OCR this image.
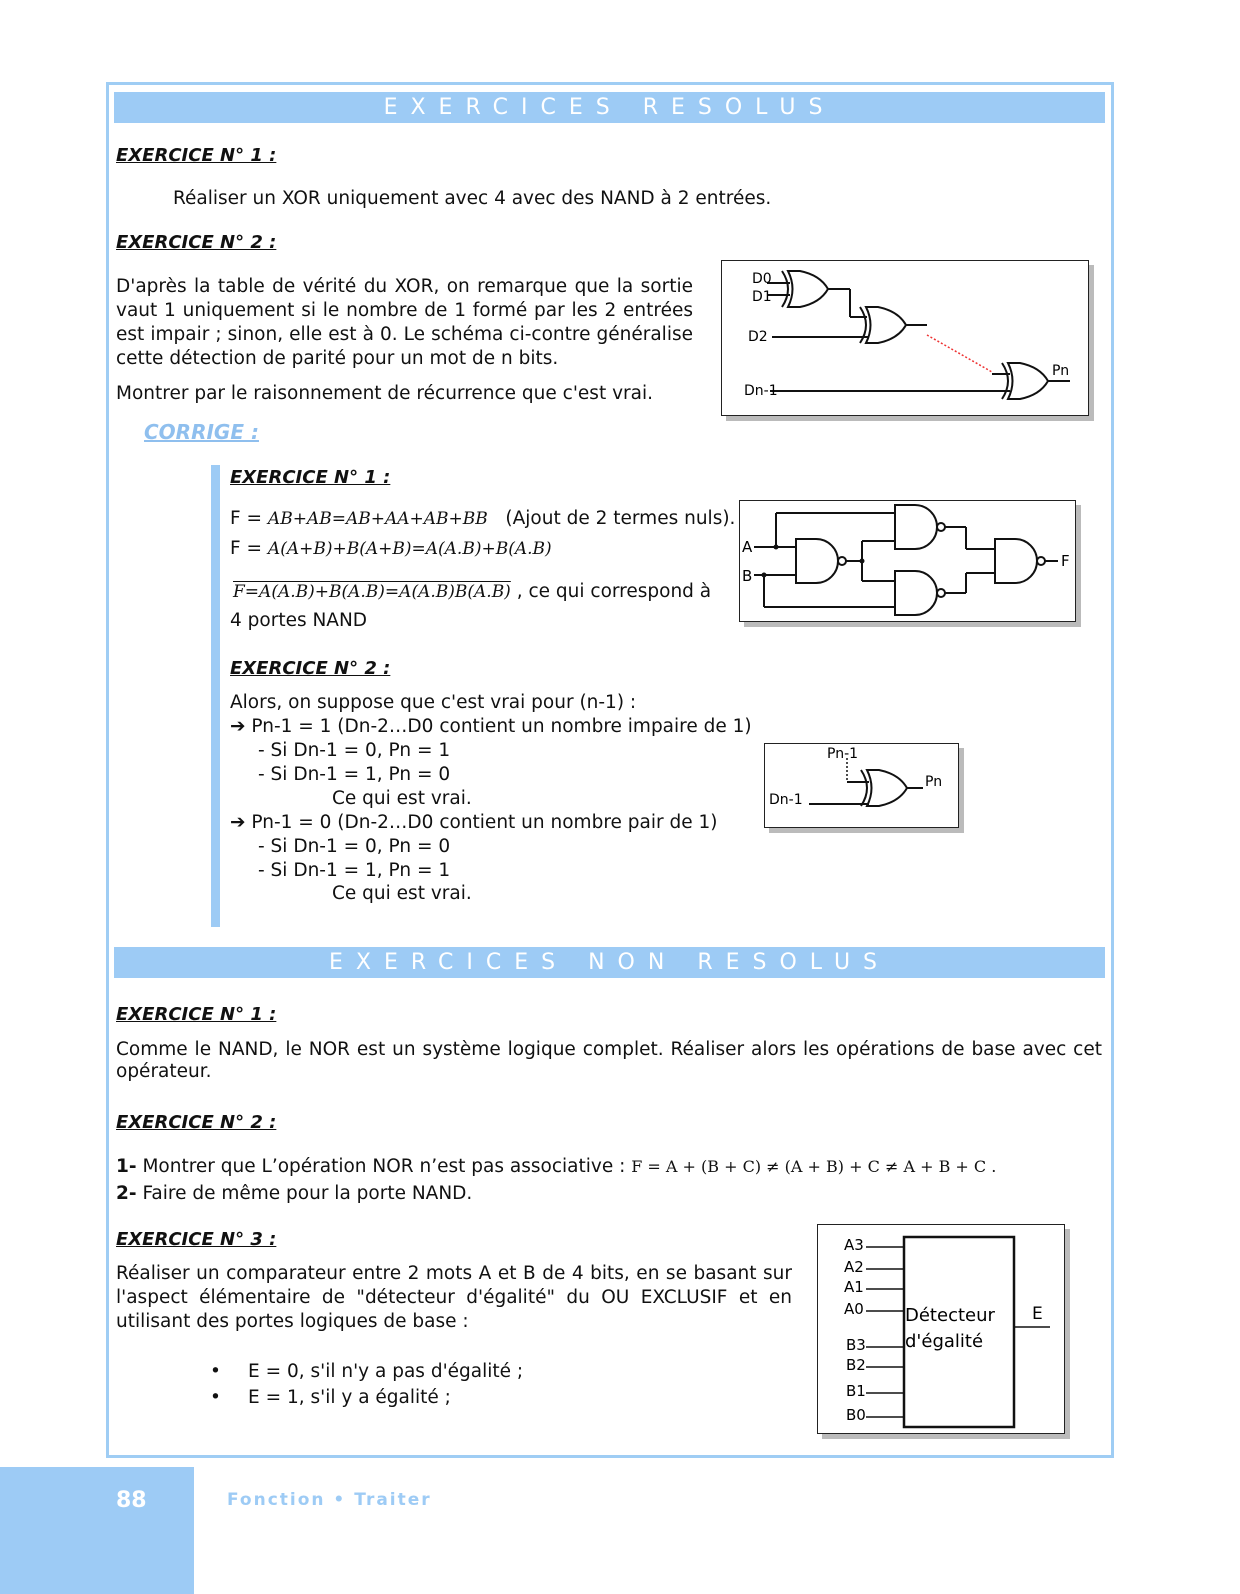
EXERCICES RESOLUS
EXERCICE N° 1 :
Réaliser un XOR uniquement avec 4 avec des NAND à 2 entrées.
EXERCICE N° 2 :
D'après la table de vérité du XOR, on remarque que la sortie vaut 1 uniquement si le nombre de 1 formé par les 2 entrées est impair ; sinon, elle est à 0. Le schéma ci-contre généralise cette détection de parité pour un mot de n bits.
Montrer par le raisonnement de récurrence que c'est vrai.
D0
D1
D2
Dn-1
Pn
CORRIGE :
EXERCICE N° 1 :
F = AB+AB=AB+AA+AB+BB (Ajout de 2 termes nuls).
F = A(A+B)+B(A+B)=A(A.B)+B(A.B)
F=A(A.B)+B(A.B)=A(A.B)B(A.B) , ce qui correspond à
4 portes NAND
A
B
F
EXERCICE N° 2 :
Alors, on suppose que c'est vrai pour (n-1) :
➔ Pn-1 = 1 (Dn-2…D0 contient un nombre impaire de 1)
- Si Dn-1 = 0, Pn = 1
- Si Dn-1 = 1, Pn = 0
Ce qui est vrai.
➔ Pn-1 = 0 (Dn-2…D0 contient un nombre pair de 1)
- Si Dn-1 = 0, Pn = 0
- Si Dn-1 = 1, Pn = 1
Ce qui est vrai.
Pn-1
Pn
Dn-1
EXERCICES NON RESOLUS
EXERCICE N° 1 :
Comme le NAND, le NOR est un système logique complet. Réaliser alors les opérations de base avec cet opérateur.
EXERCICE N° 2 :
1- Montrer que L’opération NOR n’est pas associative : F = A + (B + C) ≠ (A + B) + C ≠ A + B + C .
2- Faire de même pour la porte NAND.
EXERCICE N° 3 :
Réaliser un comparateur entre 2 mots A et B de 4 bits, en se basant sur l'aspect élémentaire de "détecteur d'égalité" du OU EXCLUSIF et en utilisant des portes logiques de base :
• E = 0, s'il n'y a pas d'égalité ;
• E = 1, s'il y a égalité ;
A3
A2
A1
A0
B3
B2
B1
B0
Détecteur
d'égalité
E
88	Fonction • Traiter
